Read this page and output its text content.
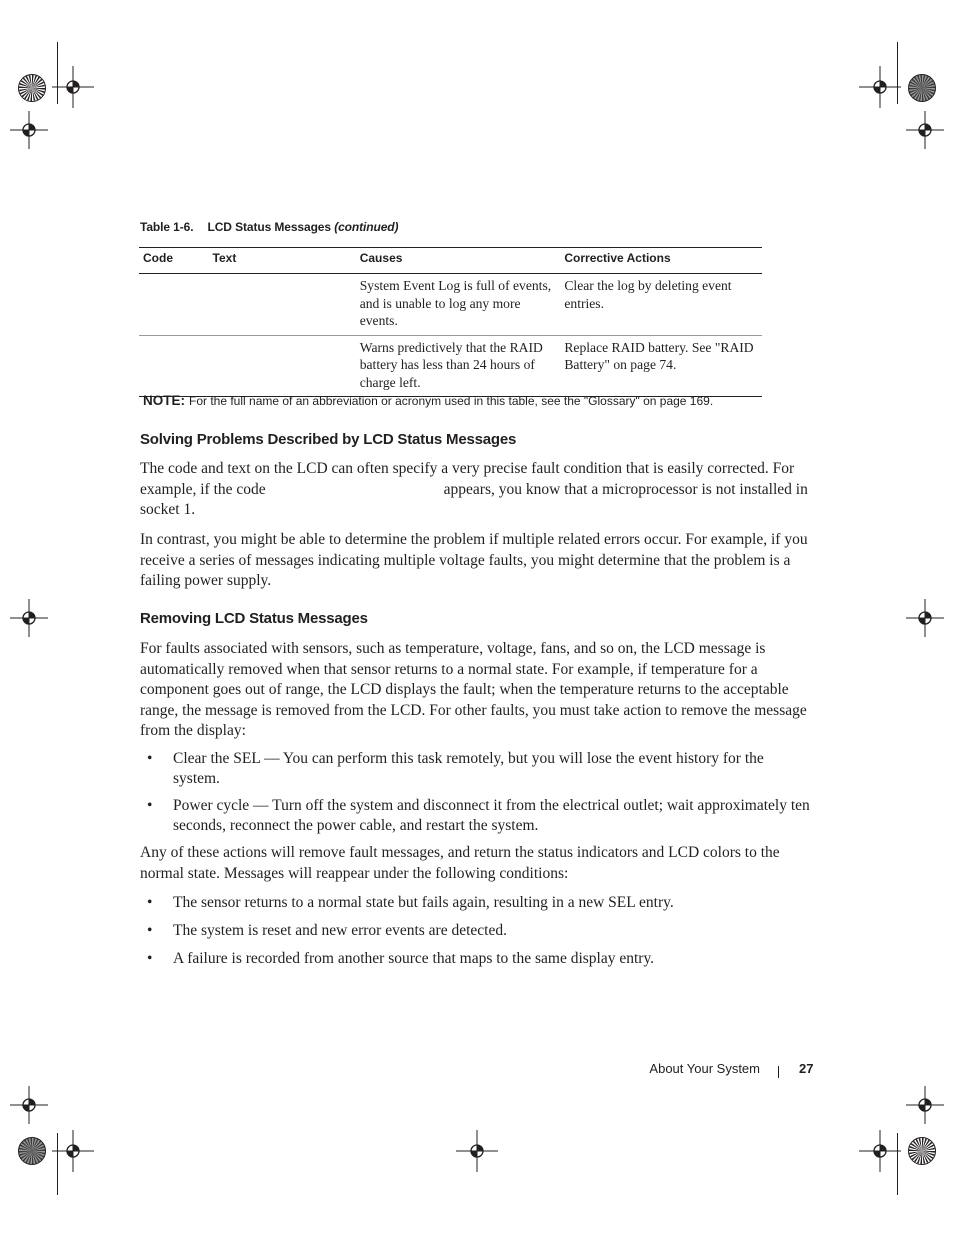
Table 1-6. LCD Status Messages (continued)
Code	Text	Causes	Corrective Actions
		System Event Log is full of events, and is unable to log any more events.	Clear the log by deleting event entries.
		Warns predictively that the RAID battery has less than 24 hours of charge left.	Replace RAID battery. See "RAID Battery" on page 74.
NOTE: For the full name of an abbreviation or acronym used in this table, see the "Glossary" on page 169.
Solving Problems Described by LCD Status Messages
The code and text on the LCD can often specify a very precise fault condition that is easily corrected. For example, if the code	appears, you know that a microprocessor is not installed in socket 1.
In contrast, you might be able to determine the problem if multiple related errors occur. For example, if you receive a series of messages indicating multiple voltage faults, you might determine that the problem is a failing power supply.
Removing LCD Status Messages
For faults associated with sensors, such as temperature, voltage, fans, and so on, the LCD message is automatically removed when that sensor returns to a normal state. For example, if temperature for a component goes out of range, the LCD displays the fault; when the temperature returns to the acceptable range, the message is removed from the LCD. For other faults, you must take action to remove the message from the display:
• Clear the SEL — You can perform this task remotely, but you will lose the event history for the system.
• Power cycle — Turn off the system and disconnect it from the electrical outlet; wait approximately ten seconds, reconnect the power cable, and restart the system.
Any of these actions will remove fault messages, and return the status indicators and LCD colors to the normal state. Messages will reappear under the following conditions:
• The sensor returns to a normal state but fails again, resulting in a new SEL entry.
• The system is reset and new error events are detected.
• A failure is recorded from another source that maps to the same display entry.
About Your System	27
